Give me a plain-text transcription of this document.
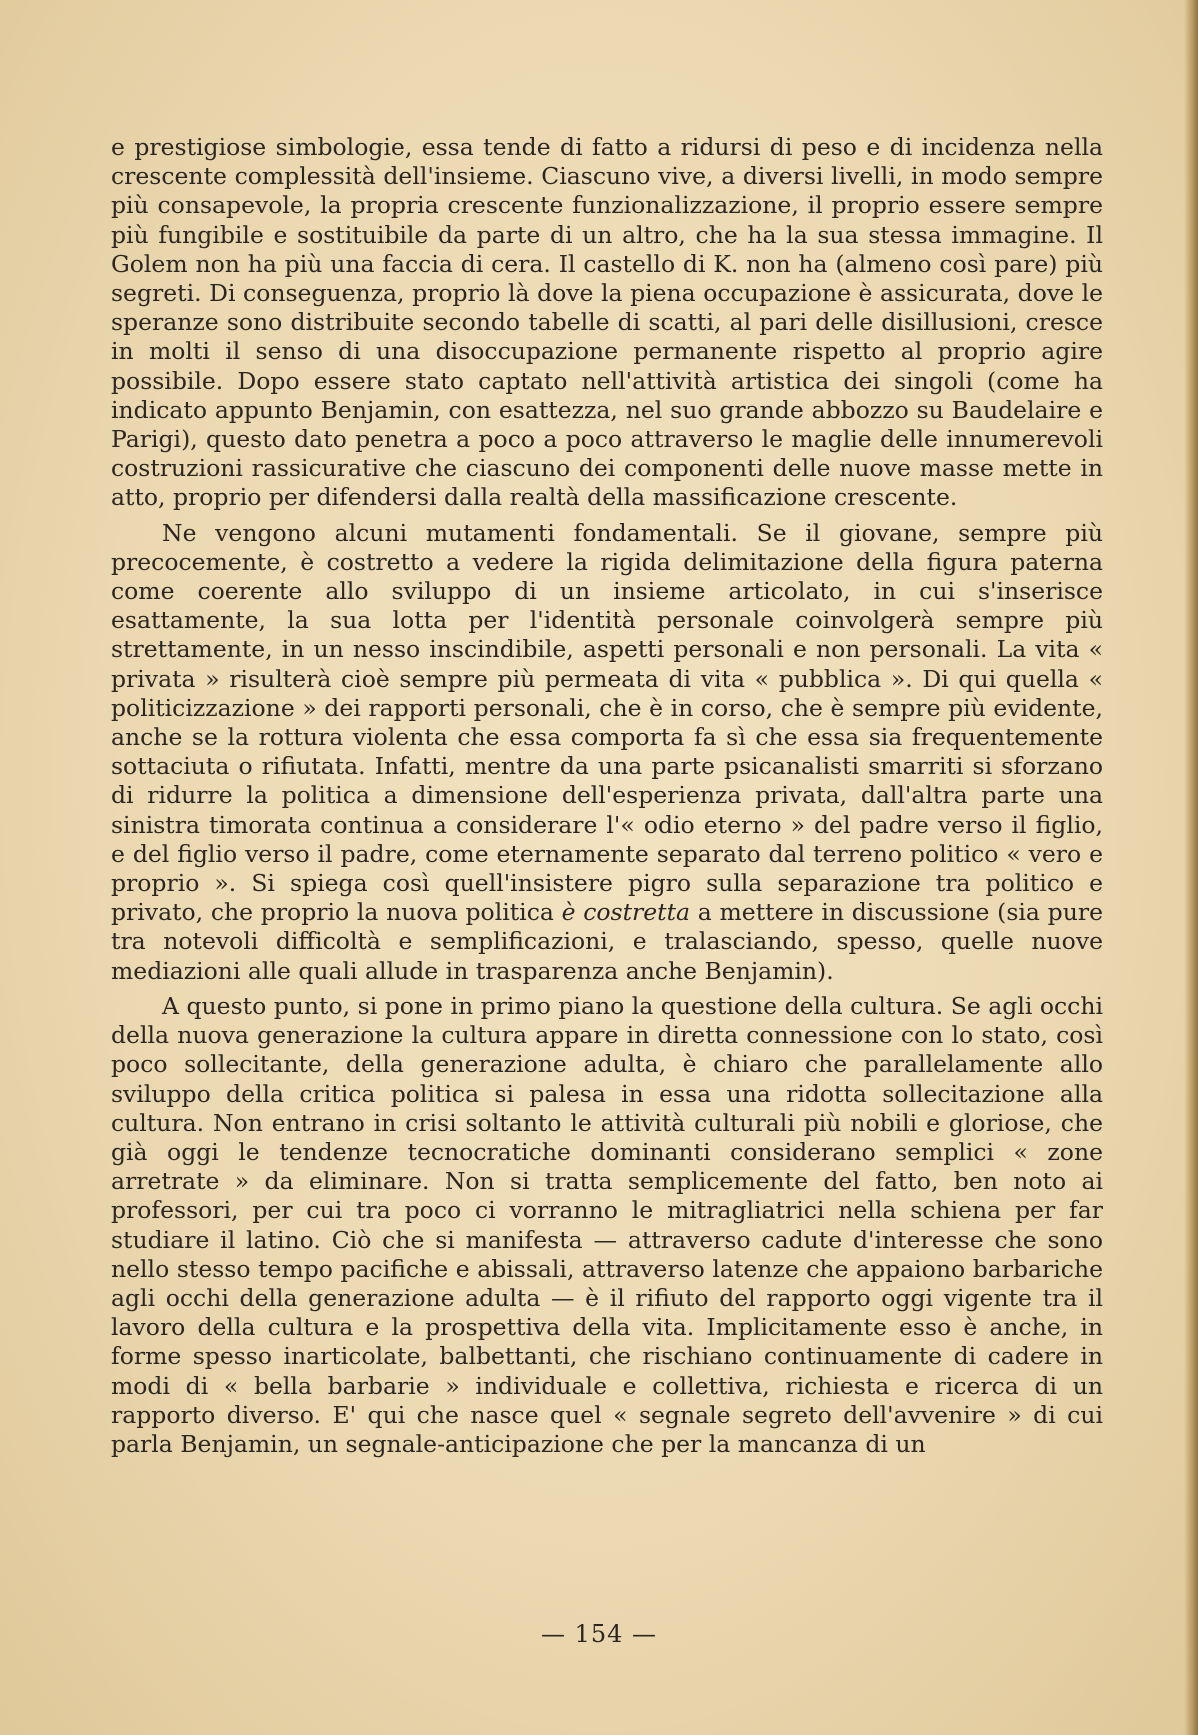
e prestigiose simbologie, essa tende di fatto a ridursi di peso e di incidenza nella crescente complessità dell'insieme. Ciascuno vive, a diversi livelli, in modo sempre più consapevole, la propria crescente funzionalizzazione, il proprio essere sempre più fungibile e sostituibile da parte di un altro, che ha la sua stessa immagine. Il Golem non ha più una faccia di cera. Il castello di K. non ha (almeno così pare) più segreti. Di conseguenza, proprio là dove la piena occupazione è assicurata, dove le speranze sono distribuite secondo tabelle di scatti, al pari delle disillusioni, cresce in molti il senso di una disoccupazione permanente rispetto al proprio agire possibile. Dopo essere stato captato nell'attività artistica dei singoli (come ha indicato appunto Benjamin, con esattezza, nel suo grande abbozzo su Baudelaire e Parigi), questo dato penetra a poco a poco attraverso le maglie delle innumerevoli costruzioni rassicurative che ciascuno dei componenti delle nuove masse mette in atto, proprio per difendersi dalla realtà della massificazione crescente.

Ne vengono alcuni mutamenti fondamentali. Se il giovane, sempre più precocemente, è costretto a vedere la rigida delimitazione della figura paterna come coerente allo sviluppo di un insieme articolato, in cui s'inserisce esattamente, la sua lotta per l'identità personale coinvolgerà sempre più strettamente, in un nesso inscindibile, aspetti personali e non personali. La vita « privata » risulterà cioè sempre più permeata di vita « pubblica ». Di qui quella « politicizzazione » dei rapporti personali, che è in corso, che è sempre più evidente, anche se la rottura violenta che essa comporta fa sì che essa sia frequentemente sottaciuta o rifiutata. Infatti, mentre da una parte psicanalisti smarriti si sforzano di ridurre la politica a dimensione dell'esperienza privata, dall'altra parte una sinistra timorata continua a considerare l'« odio eterno » del padre verso il figlio, e del figlio verso il padre, come eternamente separato dal terreno politico « vero e proprio ». Si spiega così quell'insistere pigro sulla separazione tra politico e privato, che proprio la nuova politica è costretta a mettere in discussione (sia pure tra notevoli difficoltà e semplificazioni, e tralasciando, spesso, quelle nuove mediazioni alle quali allude in trasparenza anche Benjamin).

A questo punto, si pone in primo piano la questione della cultura. Se agli occhi della nuova generazione la cultura appare in diretta connessione con lo stato, così poco sollecitante, della generazione adulta, è chiaro che parallelamente allo sviluppo della critica politica si palesa in essa una ridotta sollecitazione alla cultura. Non entrano in crisi soltanto le attività culturali più nobili e gloriose, che già oggi le tendenze tecnocratiche dominanti considerano semplici « zone arretrate » da eliminare. Non si tratta semplicemente del fatto, ben noto ai professori, per cui tra poco ci vorranno le mitragliatrici nella schiena per far studiare il latino. Ciò che si manifesta — attraverso cadute d'interesse che sono nello stesso tempo pacifiche e abissali, attraverso latenze che appaiono barbariche agli occhi della generazione adulta — è il rifiuto del rapporto oggi vigente tra il lavoro della cultura e la prospettiva della vita. Implicitamente esso è anche, in forme spesso inarticolate, balbettanti, che rischiano continuamente di cadere in modi di « bella barbarie » individuale e collettiva, richiesta e ricerca di un rapporto diverso. E' qui che nasce quel « segnale segreto dell'avvenire » di cui parla Benjamin, un segnale-anticipazione che per la mancanza di un

— 154 —
